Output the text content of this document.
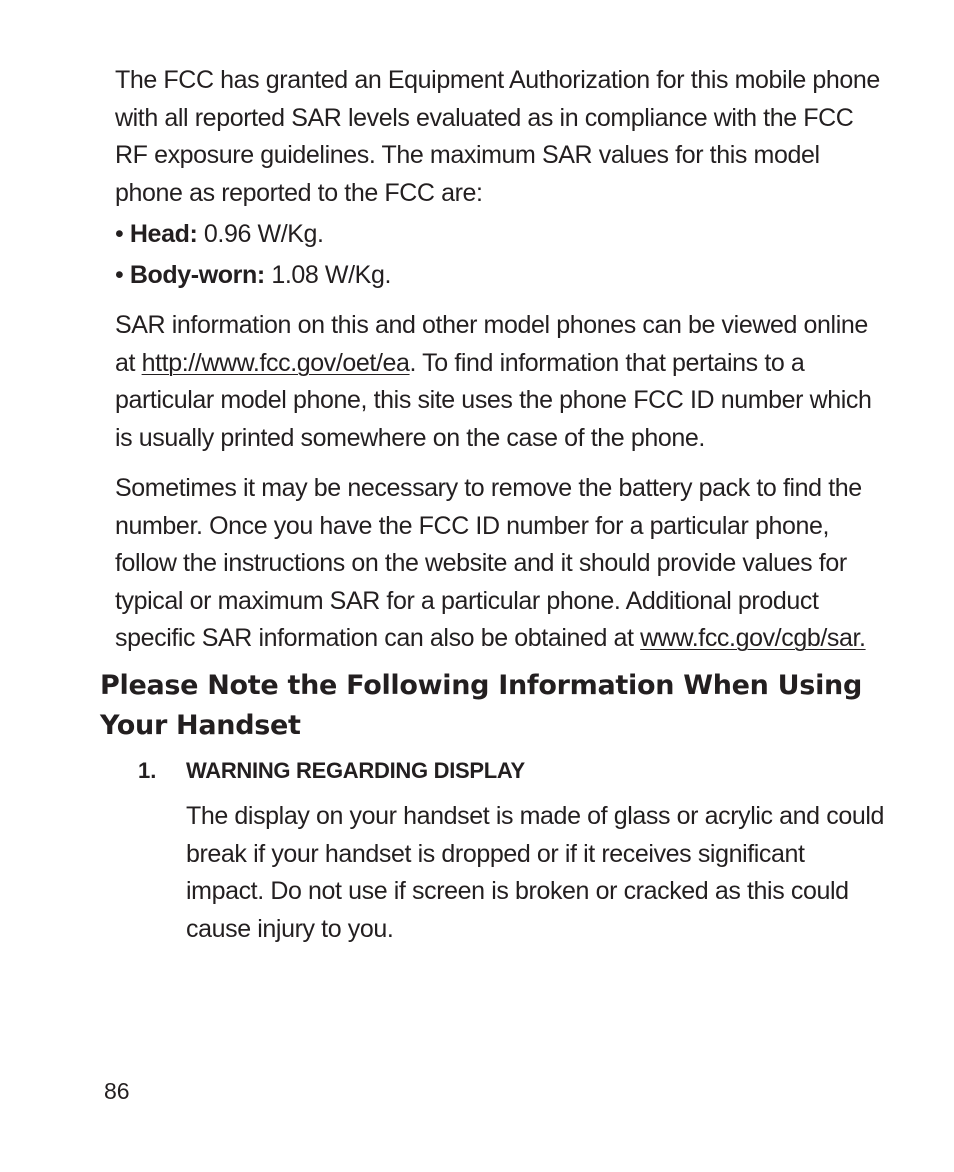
The FCC has granted an Equipment Authorization for this mobile phone with all reported SAR levels evaluated as in compliance with the FCC RF exposure guidelines. The maximum SAR values for this model phone as reported to the FCC are:

• Head: 0.96 W/Kg.
• Body-worn: 1.08 W/Kg.

SAR information on this and other model phones can be viewed online at http://www.fcc.gov/oet/ea. To find information that pertains to a particular model phone, this site uses the phone FCC ID number which is usually printed somewhere on the case of the phone.

Sometimes it may be necessary to remove the battery pack to find the number. Once you have the FCC ID number for a particular phone, follow the instructions on the website and it should provide values for typical or maximum SAR for a particular phone. Additional product specific SAR information can also be obtained at www.fcc.gov/cgb/sar.

Please Note the Following Information When Using Your Handset
1. WARNING REGARDING DISPLAY

The display on your handset is made of glass or acrylic and could break if your handset is dropped or if it receives significant impact. Do not use if screen is broken or cracked as this could cause injury to you.

86
